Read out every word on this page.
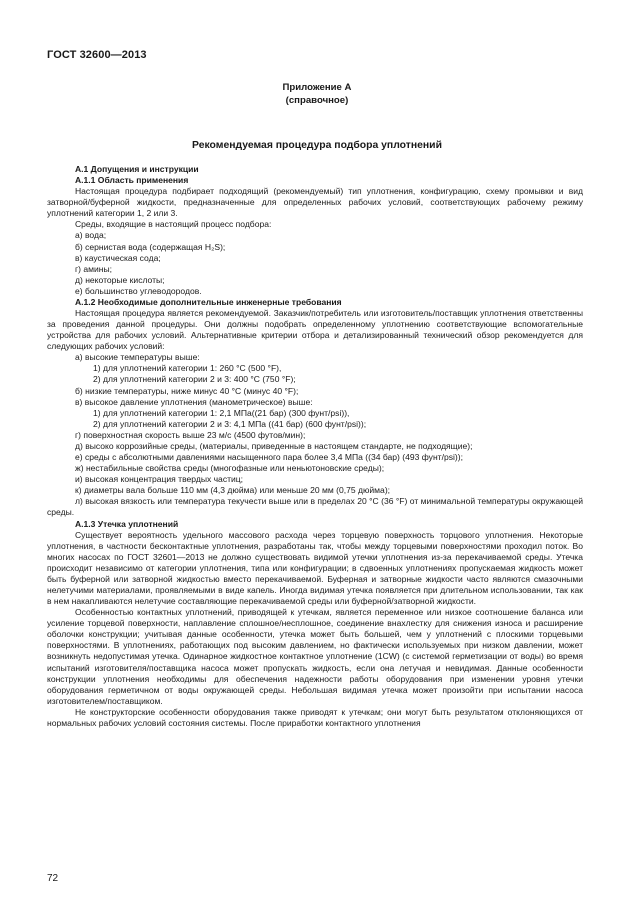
ГОСТ 32600—2013
Приложение А
(справочное)
Рекомендуемая процедура подбора уплотнений

А.1 Допущения и инструкции

А.1.1 Область применения

Настоящая процедура подбирает подходящий (рекомендуемый) тип уплотнения, конфигурацию, схему промывки и вид затворной/буферной жидкости, предназначенные для определенных рабочих условий, соответствующих рабочему режиму уплотнений категории 1, 2 или 3.

Среды, входящие в настоящий процесс подбора:

а) вода;

б) сернистая вода (содержащая H₂S);

в) каустическая сода;

г) амины;

д) некоторые кислоты;

е) большинство углеводородов.

А.1.2 Необходимые дополнительные инженерные требования

Настоящая процедура является рекомендуемой. Заказчик/потребитель или изготовитель/поставщик уплотнения ответственны за проведения данной процедуры. Они должны подобрать определенному уплотнению соответствующие вспомогательные устройства для рабочих условий. Альтернативные критерии отбора и детализированный технический обзор рекомендуется для следующих рабочих условий:

а) высокие температуры выше:

1) для уплотнений категории 1: 260 °C (500 °F),

2) для уплотнений категории 2 и 3: 400 °C (750 °F);

б) низкие температуры, ниже минус 40 °C (минус 40 °F);

в) высокое давление уплотнения (манометрическое) выше:

1) для уплотнений категории 1: 2,1 МПа((21 бар) (300 фунт/psi)),

2) для уплотнений категории 2 и 3: 4,1 МПа ((41 бар) (600 фунт/psi));

г) поверхностная скорость выше 23 м/с (4500 футов/мин);

д) высоко коррозийные среды, (материалы, приведенные в настоящем стандарте, не подходящие);

е) среды с абсолютными давлениями насыщенного пара более 3,4 МПа ((34 бар) (493 фунт/psi));

ж) нестабильные свойства среды (многофазные или неньютоновские среды);

и) высокая концентрация твердых частиц;

к) диаметры вала больше 110 мм (4,3 дюйма) или меньше 20 мм (0,75 дюйма);

л) высокая вязкость или температура текучести выше или в пределах 20 °C (36 °F) от минимальной температуры окружающей среды.

А.1.3 Утечка уплотнений

Существует вероятность удельного массового расхода через торцевую поверхность торцового уплотнения. Некоторые уплотнения, в частности бесконтактные уплотнения, разработаны так, чтобы между торцевыми поверхностями проходил поток. Во многих насосах по ГОСТ 32601—2013 не должно существовать видимой утечки уплотнения из-за перекачиваемой среды. Утечка происходит независимо от категории уплотнения, типа или конфигурации; в сдвоенных уплотнениях пропускаемая жидкость может быть буферной или затворной жидкостью вместо перекачиваемой. Буферная и затворные жидкости часто являются смазочными нелетучими материалами, проявляемыми в виде капель. Иногда видимая утечка появляется при длительном использовании, так как в нем накапливаются нелетучие составляющие перекачиваемой среды или буферной/затворной жидкости.

Особенностью контактных уплотнений, приводящей к утечкам, является переменное или низкое соотношение баланса или усиление торцевой поверхности, наплавление сплошное/несплошное, соединение внахлестку для снижения износа и расширение оболочки конструкции; учитывая данные особенности, утечка может быть большей, чем у уплотнений с плоскими торцевыми поверхностями. В уплотнениях, работающих под высоким давлением, но фактически используемых при низком давлении, может возникнуть недопустимая утечка. Одинарное жидкостное контактное уплотнение (1CW) (с системой герметизации от воды) во время испытаний изготовителя/поставщика насоса может пропускать жидкость, если она летучая и невидимая. Данные особенности конструкции уплотнения необходимы для обеспечения надежности работы оборудования при изменении уровня утечки оборудования герметичном от воды окружающей среды. Небольшая видимая утечка может произойти при испытании насоса изготовителем/поставщиком.

Не конструкторские особенности оборудования также приводят к утечкам; они могут быть результатом отклоняющихся от нормальных рабочих условий состояния системы. После приработки контактного уплотнения

72
